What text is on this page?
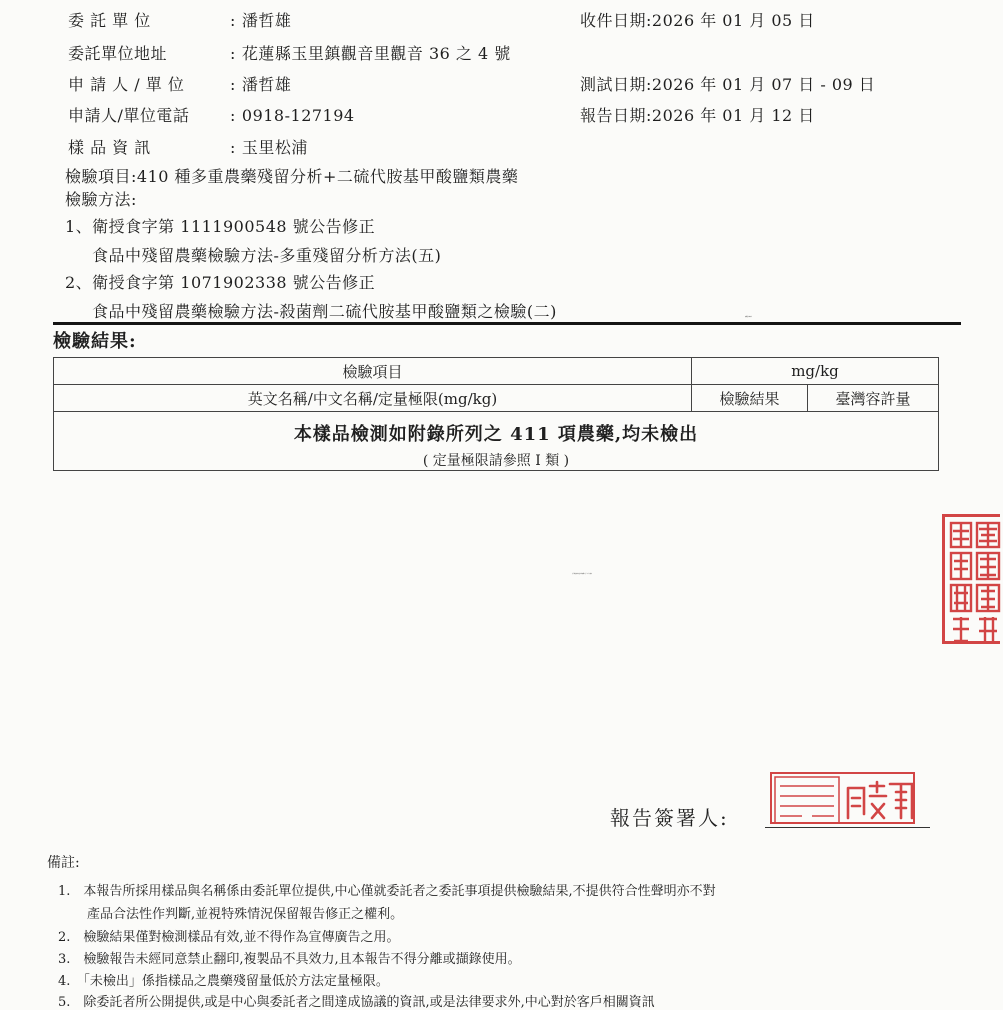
委 託 單 位	: 潘哲雄
委託單位地址	: 花蓮縣玉里鎮觀音里觀音 36 之 4 號
申 請 人 / 單 位	: 潘哲雄
申請人/單位電話	: 0918-127194
樣 品 資 訊	: 玉里松浦
收件日期:2026 年 01 月 05 日
測試日期:2026 年 01 月 07 日 - 09 日
報告日期:2026 年 01 月 12 日
檢驗項目:410 種多重農藥殘留分析+二硫代胺基甲酸鹽類農藥
檢驗方法:
1、衛授食字第 1111900548 號公告修正
食品中殘留農藥檢驗方法-多重殘留分析方法(五)
2、衛授食字第 1071902338 號公告修正
食品中殘留農藥檢驗方法-殺菌劑二硫代胺基甲酸鹽類之檢驗(二)
檢驗結果:
檢驗項目	mg/kg	
英文名稱/中文名稱/定量極限(mg/kg)	檢驗結果	臺灣容許量

本樣品檢測如附錄所列之 411 項農藥,均未檢出
( 定量極限請參照 I 類 )		
檢驗報告專用章
報告簽署人:
東台灣農藥殘留與毒物檢驗中心 主任 何彥鵬
備註:
1.　本報告所採用樣品與名稱係由委託單位提供,中心僅就委託者之委託事項提供檢驗結果,不提供符合性聲明亦不對
產品合法性作判斷,並視特殊情況保留報告修正之權利。
2.　檢驗結果僅對檢測樣品有效,並不得作為宣傳廣告之用。
3.　檢驗報告未經同意禁止翻印,複製品不具效力,且本報告不得分離或擷錄使用。
4.　「未檢出」係指樣品之農藥殘留量低於方法定量極限。
5.　除委託者所公開提供,或是中心與委託者之間達成協議的資訊,或是法律要求外,中心對於客戶相關資訊
